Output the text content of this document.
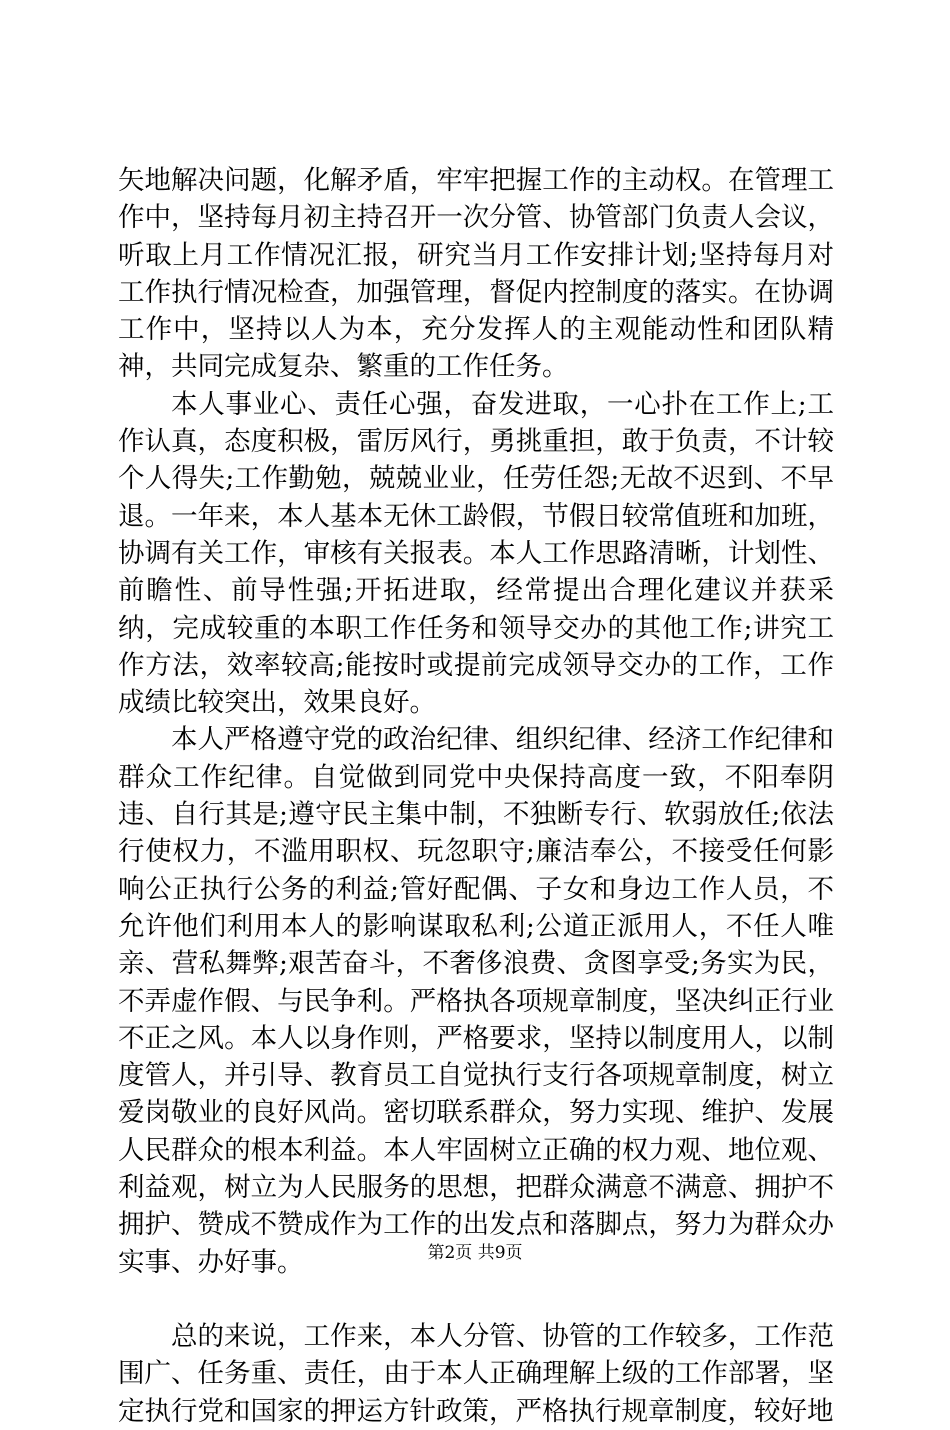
矢地解决问题，化解矛盾，牢牢把握工作的主动权。在管理工作中，坚持每月初主持召开一次分管、协管部门负责人会议，听取上月工作情况汇报，研究当月工作安排计划;坚持每月对工作执行情况检查，加强管理，督促内控制度的落实。在协调工作中，坚持以人为本，充分发挥人的主观能动性和团队精神，共同完成复杂、繁重的工作任务。

本人事业心、责任心强，奋发进取，一心扑在工作上;工作认真，态度积极，雷厉风行，勇挑重担，敢于负责，不计较个人得失;工作勤勉，兢兢业业，任劳任怨;无故不迟到、不早退。一年来，本人基本无休工龄假，节假日较常值班和加班，协调有关工作，审核有关报表。本人工作思路清晰，计划性、前瞻性、前导性强;开拓进取，经常提出合理化建议并获采纳，完成较重的本职工作任务和领导交办的其他工作;讲究工作方法，效率较高;能按时或提前完成领导交办的工作，工作成绩比较突出，效果良好。

本人严格遵守党的政治纪律、组织纪律、经济工作纪律和群众工作纪律。自觉做到同党中央保持高度一致，不阳奉阴违、自行其是;遵守民主集中制，不独断专行、软弱放任;依法行使权力，不滥用职权、玩忽职守;廉洁奉公，不接受任何影响公正执行公务的利益;管好配偶、子女和身边工作人员，不允许他们利用本人的影响谋取私利;公道正派用人，不任人唯亲、营私舞弊;艰苦奋斗，不奢侈浪费、贪图享受;务实为民，不弄虚作假、与民争利。严格执各项规章制度，坚决纠正行业不正之风。本人以身作则，严格要求，坚持以制度用人，以制度管人，并引导、教育员工自觉执行支行各项规章制度，树立爱岗敬业的良好风尚。密切联系群众，努力实现、维护、发展人民群众的根本利益。本人牢固树立正确的权力观、地位观、利益观，树立为人民服务的思想，把群众满意不满意、拥护不拥护、赞成不赞成作为工作的出发点和落脚点，努力为群众办实事、办好事。

总的来说，工作来，本人分管、协管的工作较多，工作范围广、任务重、责任，由于本人正确理解上级的工作部署，坚定执行党和国家的押运方针政策，严格执行规章制度，较好地

第2页 共9页
